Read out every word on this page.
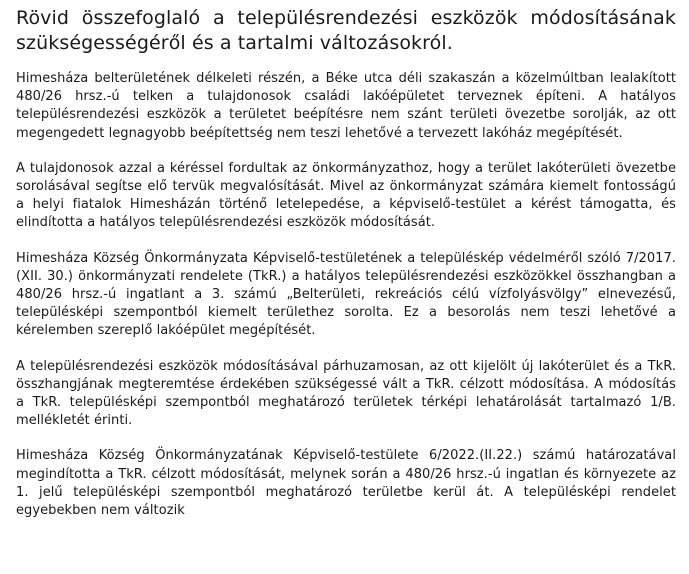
Rövid összefoglaló a településrendezési eszközök módosításának szükségességéről és a tartalmi változásokról.

Himesháza belterületének délkeleti részén, a Béke utca déli szakaszán a közelmúltban lealakított 480/26 hrsz.-ú telken a tulajdonosok családi lakóépületet terveznek építeni. A hatályos településrendezési eszközök a területet beépítésre nem szánt területi övezetbe sorolják, az ott megengedett legnagyobb beépítettség nem teszi lehetővé a tervezett lakóház megépítését.

A tulajdonosok azzal a kéréssel fordultak az önkormányzathoz, hogy a terület lakóterületi övezetbe sorolásával segítse elő tervük megvalósítását. Mivel az önkormányzat számára kiemelt fontosságú a helyi fiatalok Himesházán történő letelepedése, a képviselő-testület a kérést támogatta, és elindította a hatályos településrendezési eszközök módosítását.

Himesháza Község Önkormányzata Képviselő-testületének a településkép védelméről szóló 7/2017. (XII. 30.) önkormányzati rendelete (TkR.) a hatályos településrendezési eszközökkel összhangban a 480/26 hrsz.-ú ingatlant a 3. számú „Belterületi, rekreációs célú vízfolyásvölgy” elnevezésű, településképi szempontból kiemelt területhez sorolta. Ez a besorolás nem teszi lehetővé a kérelemben szereplő lakóépület megépítését.

A településrendezési eszközök módosításával párhuzamosan, az ott kijelölt új lakóterület és a TkR. összhangjának megteremtése érdekében szükségessé vált a TkR. célzott módosítása. A módosítás a TkR. településképi szempontból meghatározó területek térképi lehatárolását tartalmazó 1/B. mellékletét érinti.

Himesháza Község Önkormányzatának Képviselő-testülete 6/2022.(II.22.) számú határozatával megindította a TkR. célzott módosítását, melynek során a 480/26 hrsz.-ú ingatlan és környezete az 1. jelű településképi szempontból meghatározó területbe kerül át. A településképi rendelet egyebekben nem változik
